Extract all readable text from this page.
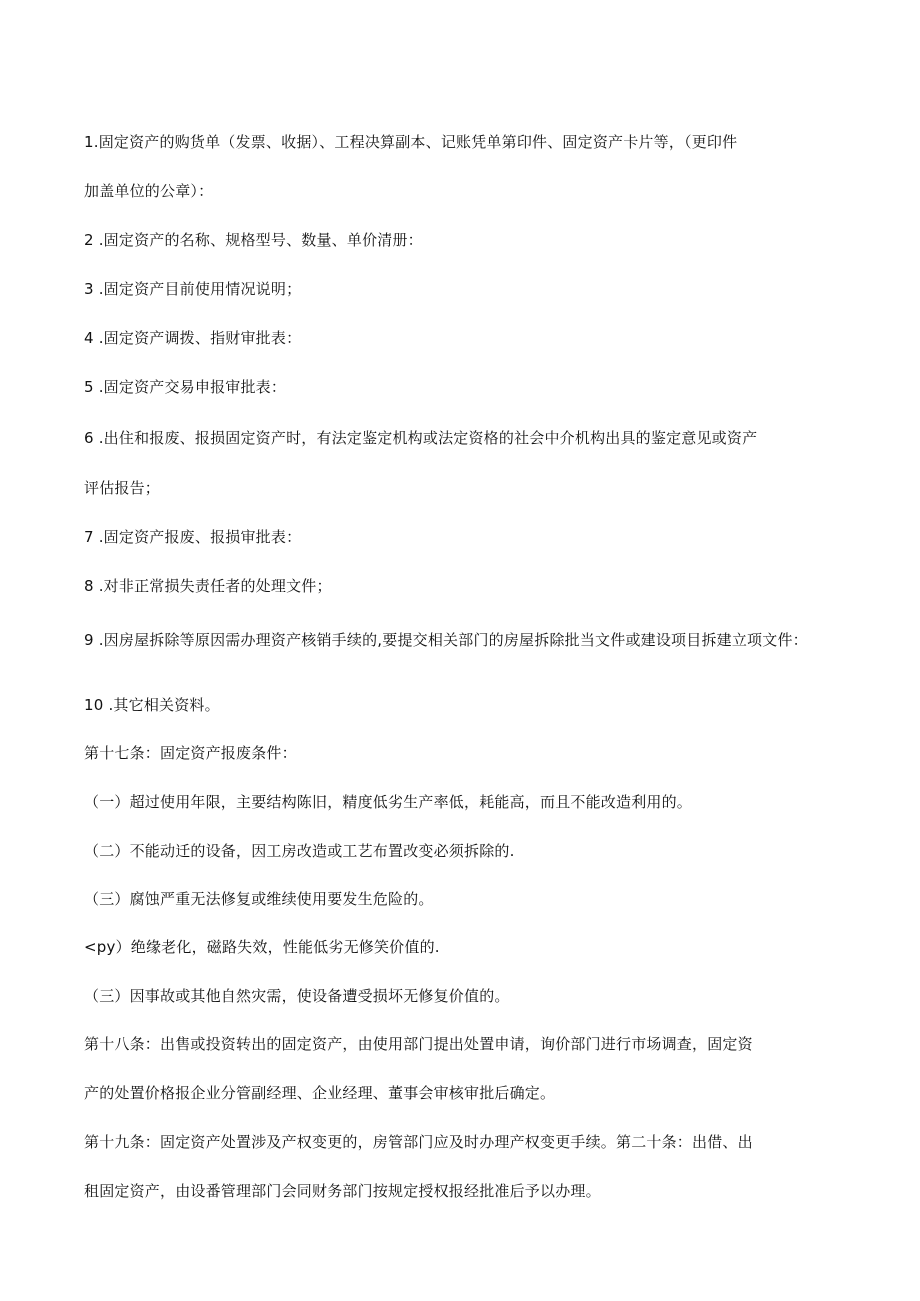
1.固定资产的购货单（发票、收据）、工程决算副本、记账凭单第印件、固定资产卡片等，（更印件
加盖单位的公章）：
2 .固定资产的名称、规格型号、数量、单价清册：
3 .固定资产目前使用情况说明；
4 .固定资产调拨、指财审批表：
5 .固定资产交易申报审批表：
6 .出住和报废、报损固定资产时，有法定鉴定机构或法定资格的社会中介机构出具的鉴定意见或资产
评估报告；
7 .固定资产报废、报损审批表：
8 .对非正常损失责任者的处理文件；
9 .因房屋拆除等原因需办理资产核销手续的,要提交相关部门的房屋拆除批当文件或建设项目拆建立项文件：
10 .其它相关资料。
第十七条：固定资产报废条件：
（一）超过使用年限，主要结构陈旧，精度低劣生产率低，耗能高，而且不能改造利用的。
（二）不能动迁的设备，因工房改造或工艺布置改变必须拆除的.
（三）腐蚀严重无法修复或维续使用要发生危险的。
<py）绝缘老化，磁路失效，性能低劣无修笑价值的.
（三）因事故或其他自然灾需，使设备遭受损坏无修复价值的。
第十八条：出售或投资转出的固定资产，由使用部门提出处置申请，询价部门进行市场调查，固定资
产的处置价格报企业分管副经理、企业经理、董事会审核审批后确定。
第十九条：固定资产处置涉及产权变更的，房管部门应及时办理产权变更手续。第二十条：出借、出
租固定资产，由设番管理部门会同财务部门按规定授权报经批准后予以办理。
